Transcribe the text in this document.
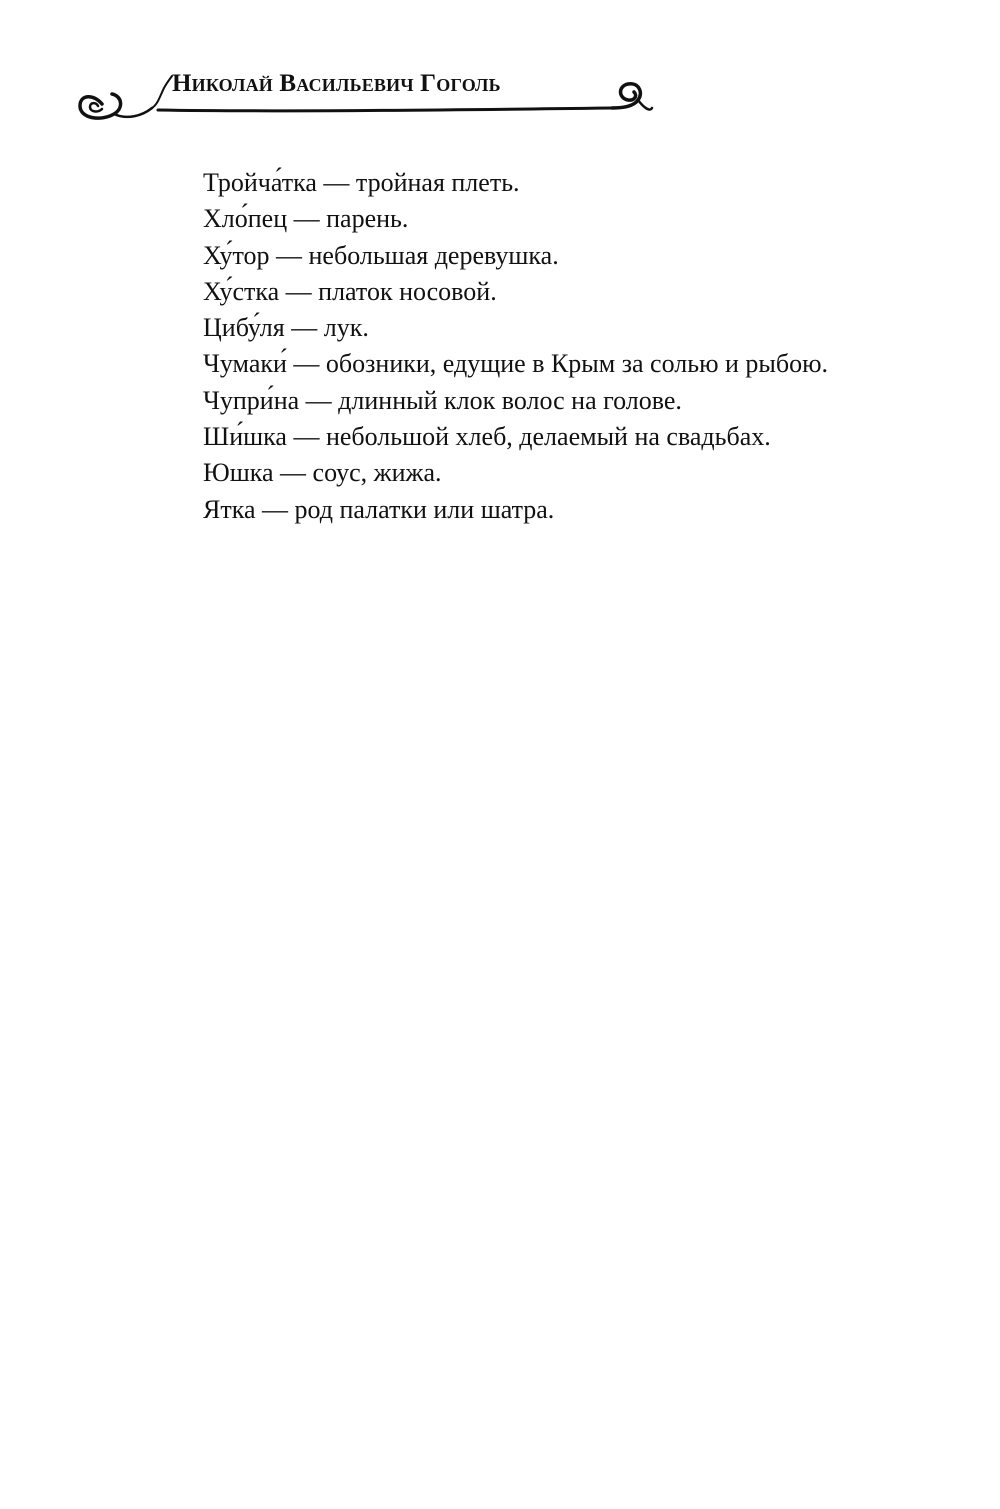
Николай Васильевич Гоголь
Тройча́тка — тройная плеть.
Хло́пец — парень.
Ху́тор — небольшая деревушка.
Ху́стка — платок носовой.
Цибу́ля — лук.
Чумаки́ — обозники, едущие в Крым за солью и рыбою.
Чупри́на — длинный клок волос на голове.
Ши́шка — небольшой хлеб, делаемый на свадьбах.
Юшка — соус, жижа.
Ятка — род палатки или шатра.
